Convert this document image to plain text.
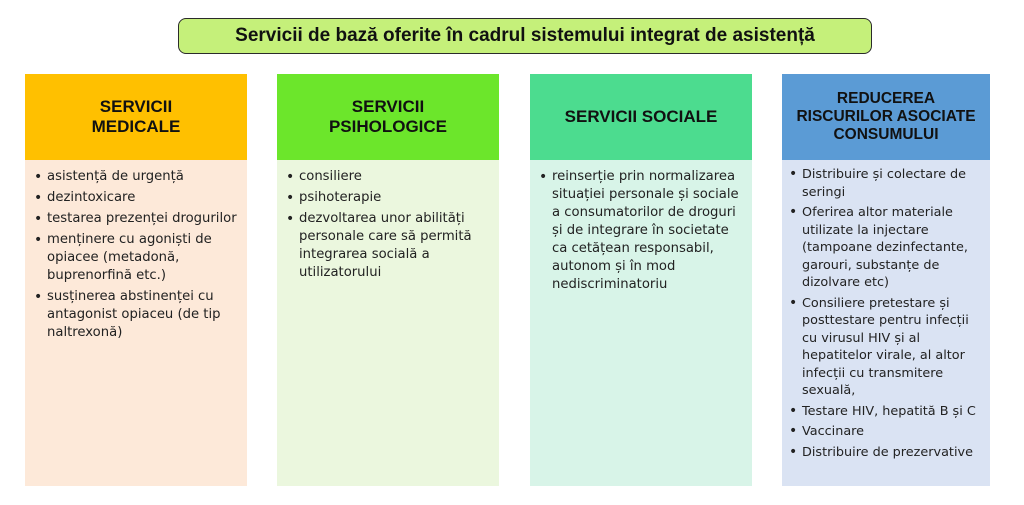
Servicii de bază oferite în cadrul sistemului integrat de asistență
SERVICII
MEDICALE
• asistență de urgență
• dezintoxicare
• testarea prezenței drogurilor
• menținere cu agoniști de opiacee (metadonă, buprenorfină etc.)
• susținerea abstinenței cu antagonist opiaceu (de tip naltrexonă)
SERVICII
PSIHOLOGICE
• consiliere
• psihoterapie
• dezvoltarea unor abilități personale care să permită integrarea socială a utilizatorului
SERVICII SOCIALE
• reinserție prin normalizarea situației personale și sociale a consumatorilor de droguri și de integrare în societate ca cetățean responsabil, autonom și în mod nediscriminatoriu
REDUCEREA
RISCURILOR ASOCIATE
CONSUMULUI
• Distribuire și colectare de seringi
• Oferirea altor materiale utilizate la injectare (tampoane dezinfectante, garouri, substanțe de dizolvare etc)
• Consiliere pretestare și posttestare pentru infecții cu virusul HIV și al hepatitelor virale, al altor infecții cu transmitere sexuală,
• Testare HIV, hepatită B și C
• Vaccinare
• Distribuire de prezervative
